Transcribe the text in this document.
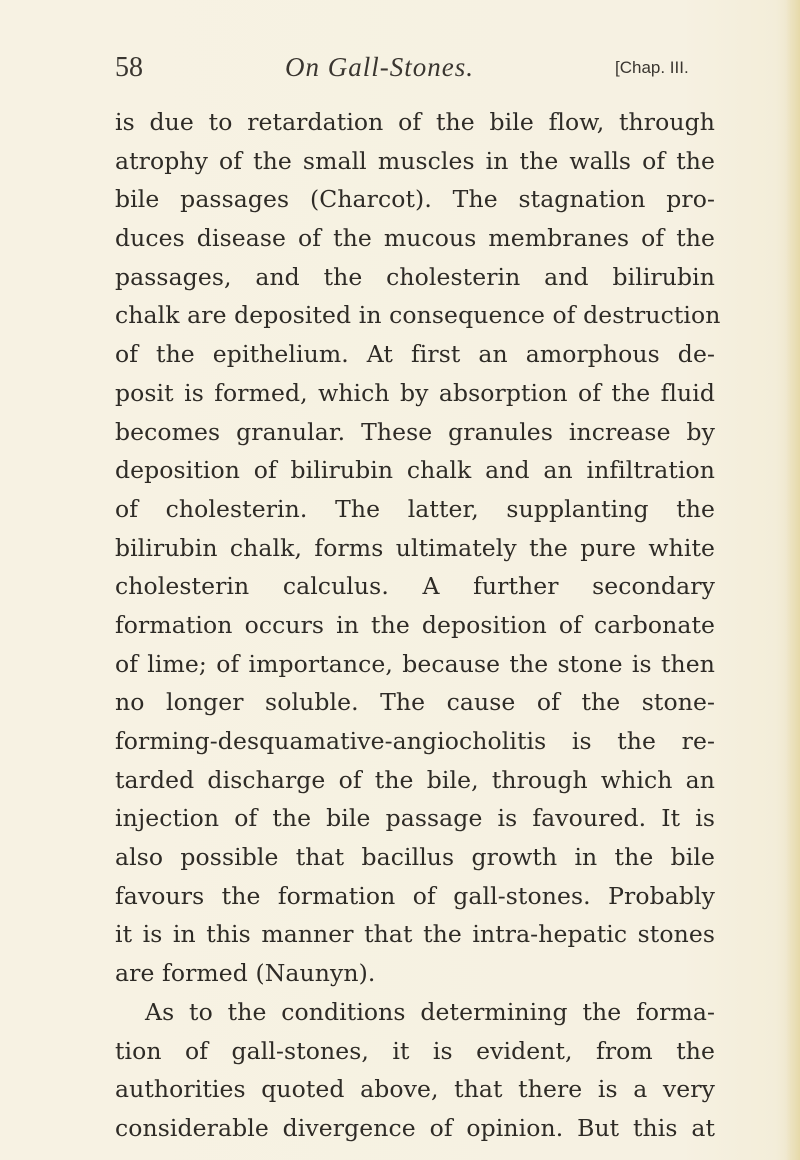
58	On Gall-Stones.	[Chap. III.
is due to retardation of the bile flow, through
atrophy of the small muscles in the walls of the
bile passages (Charcot). The stagnation pro-
duces disease of the mucous membranes of the
passages, and the cholesterin and bilirubin
chalk are deposited in consequence of destruction
of the epithelium. At first an amorphous de-
posit is formed, which by absorption of the fluid
becomes granular. These granules increase by
deposition of bilirubin chalk and an infiltration
of cholesterin. The latter, supplanting the
bilirubin chalk, forms ultimately the pure white
cholesterin calculus. A further secondary
formation occurs in the deposition of carbonate
of lime; of importance, because the stone is then
no longer soluble. The cause of the stone-
forming-desquamative-angiocholitis is the re-
tarded discharge of the bile, through which an
injection of the bile passage is favoured. It is
also possible that bacillus growth in the bile
favours the formation of gall-stones. Probably
it is in this manner that the intra-hepatic stones
are formed (Naunyn).
As to the conditions determining the forma-
tion of gall-stones, it is evident, from the
authorities quoted above, that there is a very
considerable divergence of opinion. But this at
